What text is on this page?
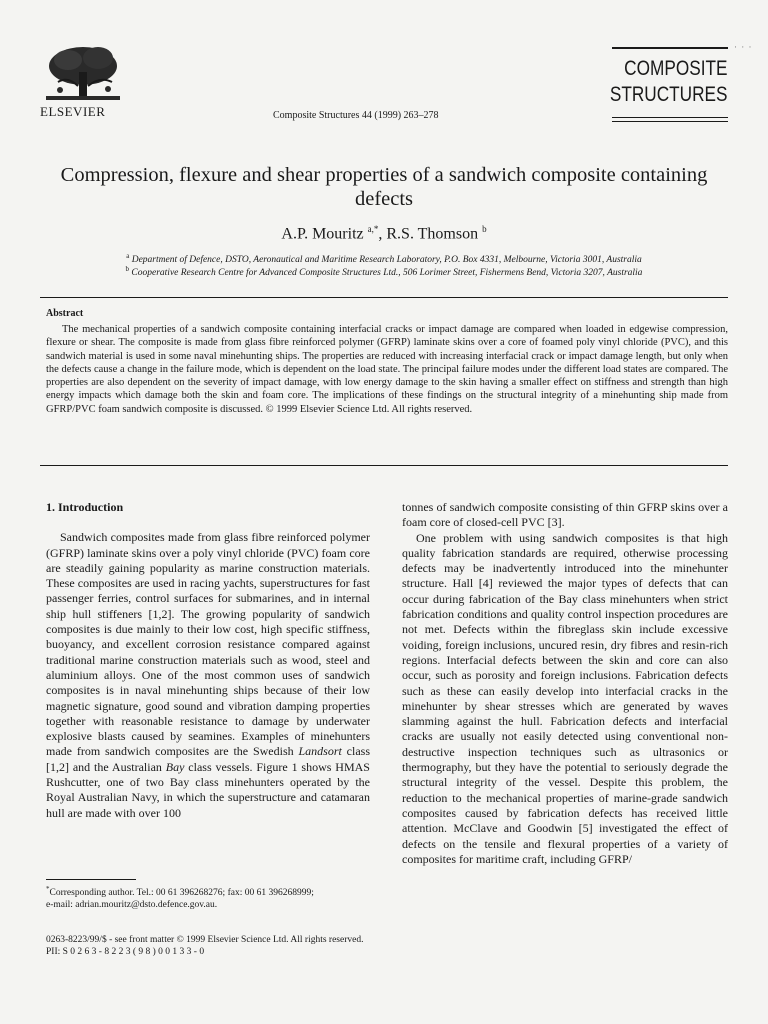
ELSEVIER	Composite Structures 44 (1999) 263–278
· · ·
COMPOSITE
STRUCTURES
Compression, flexure and shear properties of a sandwich composite containing defects
A.P. Mouritz $^{a,*}$, R.S. Thomson $^b$
$^a$ Department of Defence, DSTO, Aeronautical and Maritime Research Laboratory, P.O. Box 4331, Melbourne, Victoria 3001, Australia
$^b$ Cooperative Research Centre for Advanced Composite Structures Ltd., 506 Lorimer Street, Fishermens Bend, Victoria 3207, Australia
Abstract
The mechanical properties of a sandwich composite containing interfacial cracks or impact damage are compared when loaded in edgewise compression, flexure or shear. The composite is made from glass fibre reinforced polymer (GFRP) laminate skins over a core of foamed poly vinyl chloride (PVC), and this sandwich material is used in some naval minehunting ships. The properties are reduced with increasing interfacial crack or impact damage length, but only when the defects cause a change in the failure mode, which is dependent on the load state. The principal failure modes under the different load states are compared. The properties are also dependent on the severity of impact damage, with low energy damage to the skin having a smaller effect on stiffness and strength than high energy impacts which damage both the skin and foam core. The implications of these findings on the structural integrity of a minehunting ship made from GFRP/PVC foam sandwich composite is discussed. © 1999 Elsevier Science Ltd. All rights reserved.
1. Introduction

Sandwich composites made from glass fibre reinforced polymer (GFRP) laminate skins over a poly vinyl chloride (PVC) foam core are steadily gaining popularity as marine construction materials. These composites are used in racing yachts, superstructures for fast passenger ferries, control surfaces for submarines, and in internal ship hull stiffeners [1,2]. The growing popularity of sandwich composites is due mainly to their low cost, high specific stiffness, buoyancy, and excellent corrosion resistance compared against traditional marine construction materials such as wood, steel and aluminium alloys. One of the most common uses of sandwich composites is in naval minehunting ships because of their low magnetic signature, good sound and vibration damping properties together with reasonable resistance to damage by underwater explosive blasts caused by seamines. Examples of minehunters made from sandwich composites are the Swedish Landsort class [1,2] and the Australian Bay class vessels. Figure 1 shows HMAS Rushcutter, one of two Bay class minehunters operated by the Royal Australian Navy, in which the superstructure and catamaran hull are made with over 100

tonnes of sandwich composite consisting of thin GFRP skins over a foam core of closed-cell PVC [3].

One problem with using sandwich composites is that high quality fabrication standards are required, otherwise processing defects may be inadvertently introduced into the minehunter structure. Hall [4] reviewed the major types of defects that can occur during fabrication of the Bay class minehunters when strict fabrication conditions and quality control inspection procedures are not met. Defects within the fibreglass skin include excessive voiding, foreign inclusions, uncured resin, dry fibres and resin-rich regions. Interfacial defects between the skin and core can also occur, such as porosity and foreign inclusions. Fabrication defects such as these can easily develop into interfacial cracks in the minehunter by shear stresses which are generated by waves slamming against the hull. Fabrication defects and interfacial cracks are usually not easily detected using conventional non-destructive inspection techniques such as ultrasonics or thermography, but they have the potential to seriously degrade the structural integrity of the vessel. Despite this problem, the reduction to the mechanical properties of marine-grade sandwich composites caused by fabrication defects has received little attention. McClave and Goodwin [5] investigated the effect of defects on the tensile and flexural properties of a variety of composites for maritime craft, including GFRP/

*Corresponding author. Tel.: 00 61 396268276; fax: 00 61 396268999;
e-mail: adrian.mouritz@dsto.defence.gov.au.
0263-8223/99/$ - see front matter © 1999 Elsevier Science Ltd. All rights reserved.
PII: S 0 2 6 3 - 8 2 2 3 ( 9 8 ) 0 0 1 3 3 - 0
